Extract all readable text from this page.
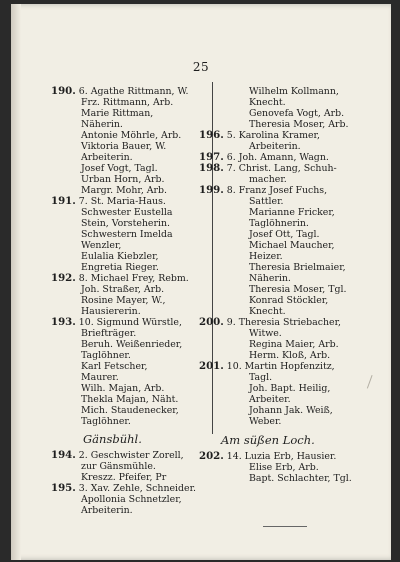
25
190. 6. Agathe Rittmann, W.
Frz. Rittmann, Arb.
Marie Rittman,
Näherin.
Antonie Möhrle, Arb.
Viktoria Bauer, W.
Arbeiterin.
Josef Vogt, Tagl.
Urban Horn, Arb.
Margr. Mohr, Arb.
191. 7. St. Maria-Haus.
Schwester Eustella
Stein, Vorsteherin.
Schwestern Imelda
Wenzler,
Eulalia Kiebzler,
Engretia Rieger.
192. 8. Michael Frey, Rebm.
Joh. Straßer, Arb.
Rosine Mayer, W.,
Hausiererin.
193. 10. Sigmund Würstle,
Briefträger.
Beruh. Weißenrieder,
Taglöhner.
Karl Fetscher,
Maurer.
Wilh. Majan, Arb.
Thekla Majan, Näht.
Mich. Staudenecker,
Taglöhner.
Gänsbühl.
194. 2. Geschwister Zorell,
zur Gänsmühle.
Kreszz. Pfeifer, Pr
195. 3. Xav. Zehle, Schneider.
Apollonia Schnetzler,
Arbeiterin.
Wilhelm Kollmann,
Knecht.
Genovefa Vogt, Arb.
Theresia Moser, Arb.
196. 5. Karolina Kramer,
Arbeiterin.
197. 6. Joh. Amann, Wagn.
198. 7. Christ. Lang, Schuh-
macher.
199. 8. Franz Josef Fuchs,
Sattler.
Marianne Fricker,
Taglöhnerin.
Josef Ott, Tagl.
Michael Maucher,
Heizer.
Theresia Brielmaier,
Näherin.
Theresia Moser, Tgl.
Konrad Stöckler,
Knecht.
200. 9. Theresia Striebacher,
Witwe.
Regina Maier, Arb.
Herm. Kloß, Arb.
201. 10. Martin Hopfenzitz,
Tagl.
Joh. Bapt. Heilig,
Arbeiter.
Johann Jak. Weiß,
Weber.
Am süßen Loch.
202. 14. Luzia Erb, Hausier.
Elise Erb, Arb.
Bapt. Schlachter, Tgl.
